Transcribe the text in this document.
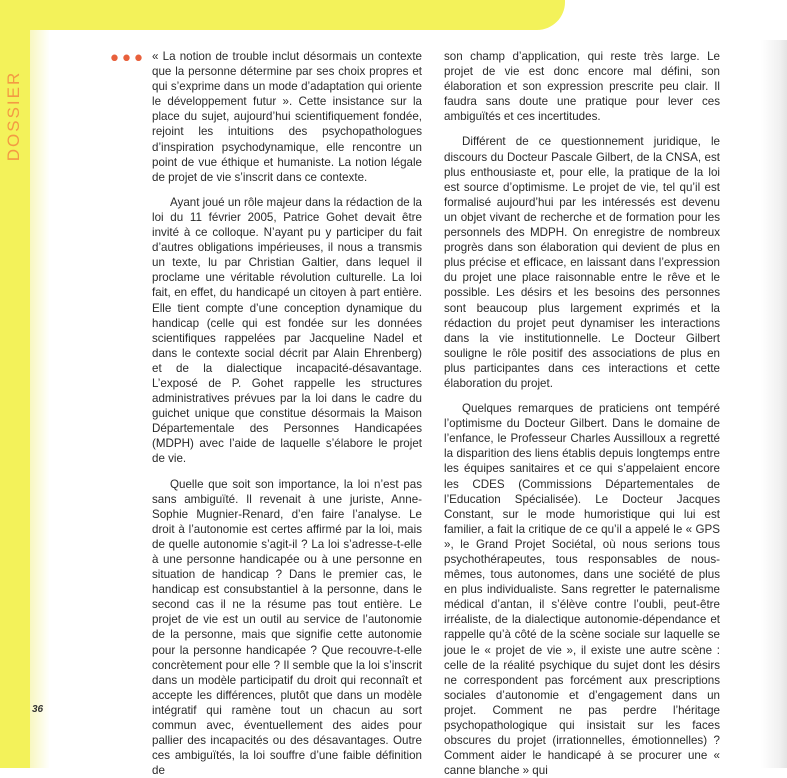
DOSSIER
••• « La notion de trouble inclut désormais un contexte que la personne détermine par ses choix propres et qui s’exprime dans un mode d’adaptation qui oriente le développement futur ». Cette insistance sur la place du sujet, aujourd’hui scientifiquement fondée, rejoint les intuitions des psychopathologues d’inspiration psychodynamique, elle rencontre un point de vue éthique et humaniste. La notion légale de projet de vie s’inscrit dans ce contexte.

Ayant joué un rôle majeur dans la rédaction de la loi du 11 février 2005, Patrice Gohet devait être invité à ce colloque. N’ayant pu y participer du fait d’autres obligations impérieuses, il nous a transmis un texte, lu par Christian Galtier, dans lequel il proclame une véritable révolution culturelle. La loi fait, en effet, du handicapé un citoyen à part entière. Elle tient compte d’une conception dynamique du handicap (celle qui est fondée sur les données scientifiques rappelées par Jacqueline Nadel et dans le contexte social décrit par Alain Ehrenberg) et de la dialectique incapacité-désavantage. L’exposé de P. Gohet rappelle les structures administratives prévues par la loi dans le cadre du guichet unique que constitue désormais la Maison Départementale des Personnes Handicapées (MDPH) avec l’aide de laquelle s’élabore le projet de vie.

Quelle que soit son importance, la loi n’est pas sans ambiguïté. Il revenait à une juriste, Anne-Sophie Mugnier-Renard, d’en faire l’analyse. Le droit à l’autonomie est certes affirmé par la loi, mais de quelle autonomie s’agit-il ? La loi s’adresse-t-elle à une personne handicapée ou à une personne en situation de handicap ? Dans le premier cas, le handicap est consubstantiel à la personne, dans le second cas il ne la résume pas tout entière. Le projet de vie est un outil au service de l’autonomie de la personne, mais que signifie cette autonomie pour la personne handicapée ? Que recouvre-t-elle concrètement pour elle ? Il semble que la loi s’inscrit dans un modèle participatif du droit qui reconnaît et accepte les différences, plutôt que dans un modèle intégratif qui ramène tout un chacun au sort commun avec, éventuellement des aides pour pallier des incapacités ou des désavantages. Outre ces ambiguïtés, la loi souffre d’une faible définition de

son champ d’application, qui reste très large. Le projet de vie est donc encore mal défini, son élaboration et son expression prescrite peu clair. Il faudra sans doute une pratique pour lever ces ambiguïtés et ces incertitudes.

Différent de ce questionnement juridique, le discours du Docteur Pascale Gilbert, de la CNSA, est plus enthousiaste et, pour elle, la pratique de la loi est source d’optimisme. Le projet de vie, tel qu’il est formalisé aujourd’hui par les intéressés est devenu un objet vivant de recherche et de formation pour les personnels des MDPH. On enregistre de nombreux progrès dans son élaboration qui devient de plus en plus précise et efficace, en laissant dans l’expression du projet une place raisonnable entre le rêve et le possible. Les désirs et les besoins des personnes sont beaucoup plus largement exprimés et la rédaction du projet peut dynamiser les interactions dans la vie institutionnelle. Le Docteur Gilbert souligne le rôle positif des associations de plus en plus participantes dans ces interactions et cette élaboration du projet.

Quelques remarques de praticiens ont tempéré l’optimisme du Docteur Gilbert. Dans le domaine de l’enfance, le Professeur Charles Aussilloux a regretté la disparition des liens établis depuis longtemps entre les équipes sanitaires et ce qui s’appelaient encore les CDES (Commissions Départementales de l’Education Spécialisée). Le Docteur Jacques Constant, sur le mode humoristique qui lui est familier, a fait la critique de ce qu’il a appelé le « GPS », le Grand Projet Sociétal, où nous serions tous psychothérapeutes, tous responsables de nous-mêmes, tous autonomes, dans une société de plus en plus individualiste. Sans regretter le paternalisme médical d’antan, il s’élève contre l’oubli, peut-être irréaliste, de la dialectique autonomie-dépendance et rappelle qu’à côté de la scène sociale sur laquelle se joue le « projet de vie », il existe une autre scène : celle de la réalité psychique du sujet dont les désirs ne correspondent pas forcément aux prescriptions sociales d’autonomie et d’engagement dans un projet. Comment ne pas perdre l’héritage psychopathologique qui insistait sur les faces obscures du projet (irrationnelles, émotionnelles) ? Comment aider le handicapé à se procurer une « canne blanche » qui

36
